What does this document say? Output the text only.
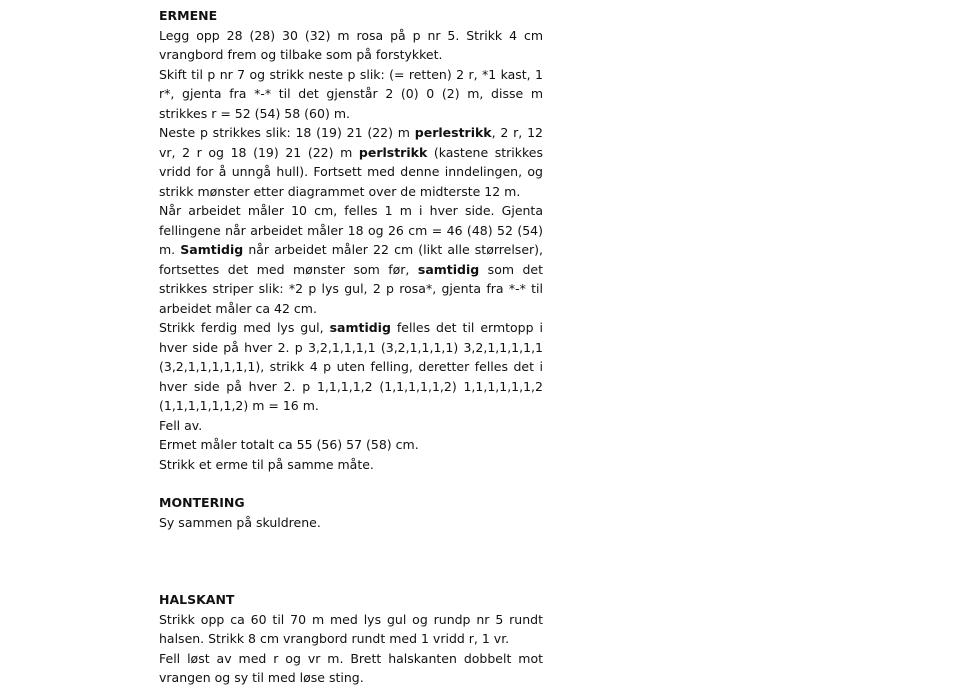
ERMENE

Legg opp 28 (28) 30 (32) m rosa på p nr 5. Strikk 4 cm vrangbord frem og tilbake som på forstykket.

Skift til p nr 7 og strikk neste p slik: (= retten) 2 r, *1 kast, 1 r*, gjenta fra *-* til det gjenstår 2 (0) 0 (2) m, disse m strikkes r = 52 (54) 58 (60) m.

Neste p strikkes slik: 18 (19) 21 (22) m perlestrikk, 2 r, 12 vr, 2 r og 18 (19) 21 (22) m perlstrikk (kastene strikkes vridd for å unngå hull). Fortsett med denne inndelingen, og strikk mønster etter diagrammet over de midterste 12 m.

Når arbeidet måler 10 cm, felles 1 m i hver side. Gjenta fellingene når arbeidet måler 18 og 26 cm = 46 (48) 52 (54) m. Samtidig når arbeidet måler 22 cm (likt alle størrelser), fortsettes det med mønster som før, samtidig som det strikkes striper slik: *2 p lys gul, 2 p rosa*, gjenta fra *-* til arbeidet måler ca 42 cm.

Strikk ferdig med lys gul, samtidig felles det til ermtopp i hver side på hver 2. p 3,2,1,1,1,1 (3,2,1,1,1,1) 3,2,1,1,1,1,1 (3,2,1,1,1,1,1,1), strikk 4 p uten felling, deretter felles det i hver side på hver 2. p 1,1,1,1,2 (1,1,1,1,1,2) 1,1,1,1,1,1,2 (1,1,1,1,1,1,2) m = 16 m.

Fell av.

Ermet måler totalt ca 55 (56) 57 (58) cm.

Strikk et erme til på samme måte.

MONTERING

Sy sammen på skuldrene.

HALSKANT

Strikk opp ca 60 til 70 m med lys gul og rundp nr 5 rundt halsen. Strikk 8 cm vrangbord rundt med 1 vridd r, 1 vr.

Fell løst av med r og vr m. Brett halskanten dobbelt mot vrangen og sy til med løse sting.
